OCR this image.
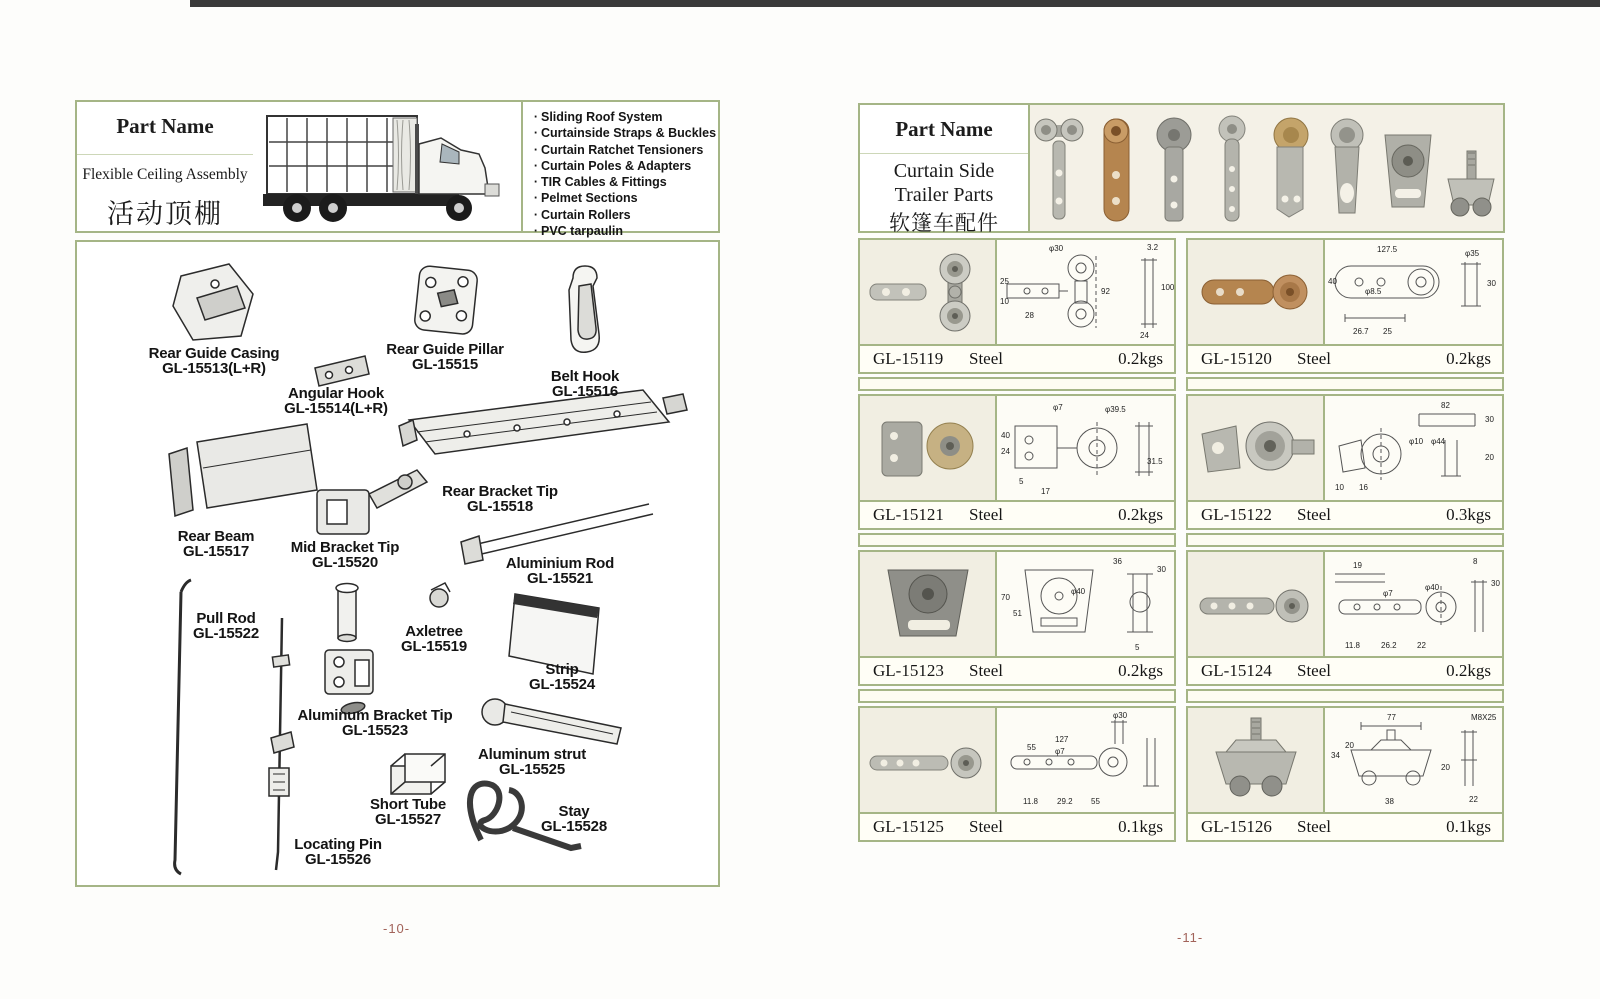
Part Name
Flexible Ceiling Assembly
活动顶棚
· Sliding Roof System
· Curtainside Straps & Buckles
· Curtain Ratchet Tensioners
· Curtain Poles & Adapters
· TIR Cables & Fittings
· Pelmet Sections
· Curtain Rollers
· PVC tarpaulin
Rear Guide Casing
GL-15513(L+R)
Angular Hook
GL-15514(L+R)
Rear Guide Pillar
GL-15515
Belt Hook
GL-15516
Rear Beam
GL-15517
Rear Bracket Tip
GL-15518
Axletree
GL-15519
Mid Bracket Tip
GL-15520	Aluminium Rod
GL-15521
Pull Rod
GL-15522
Aluminum Bracket Tip
GL-15523
Strip
GL-15524
Aluminum strut
GL-15525
Locating Pin
GL-15526
Short Tube
GL-15527	Stay
GL-15528
-10-
Part Name
Curtain Side
Trailer Parts
软篷车配件
φ30	3.2
25
10
28
92
24
100
GL-15119	Steel	0.2kgs
φ7	φ39.5
40
24
5
17
31.5
GL-15121	Steel	0.2kgs
70
51
φ40
30
36
5
GL-15123	Steel	0.2kgs
φ30
127
φ7
55
11.8 29.2 55
GL-15125	Steel	0.1kgs
127.5
40
φ8.5
φ35
30
26.7 25
GL-15120	Steel	0.2kgs
82
30
φ10 φ44
20
10 16
GL-15122	Steel	0.3kgs
8
30
19
φ7
φ40
11.8	26.2	22
GL-15124	Steel	0.2kgs
77	M8X25
34
20
20
38	22
GL-15126	Steel	0.1kgs
-11-
